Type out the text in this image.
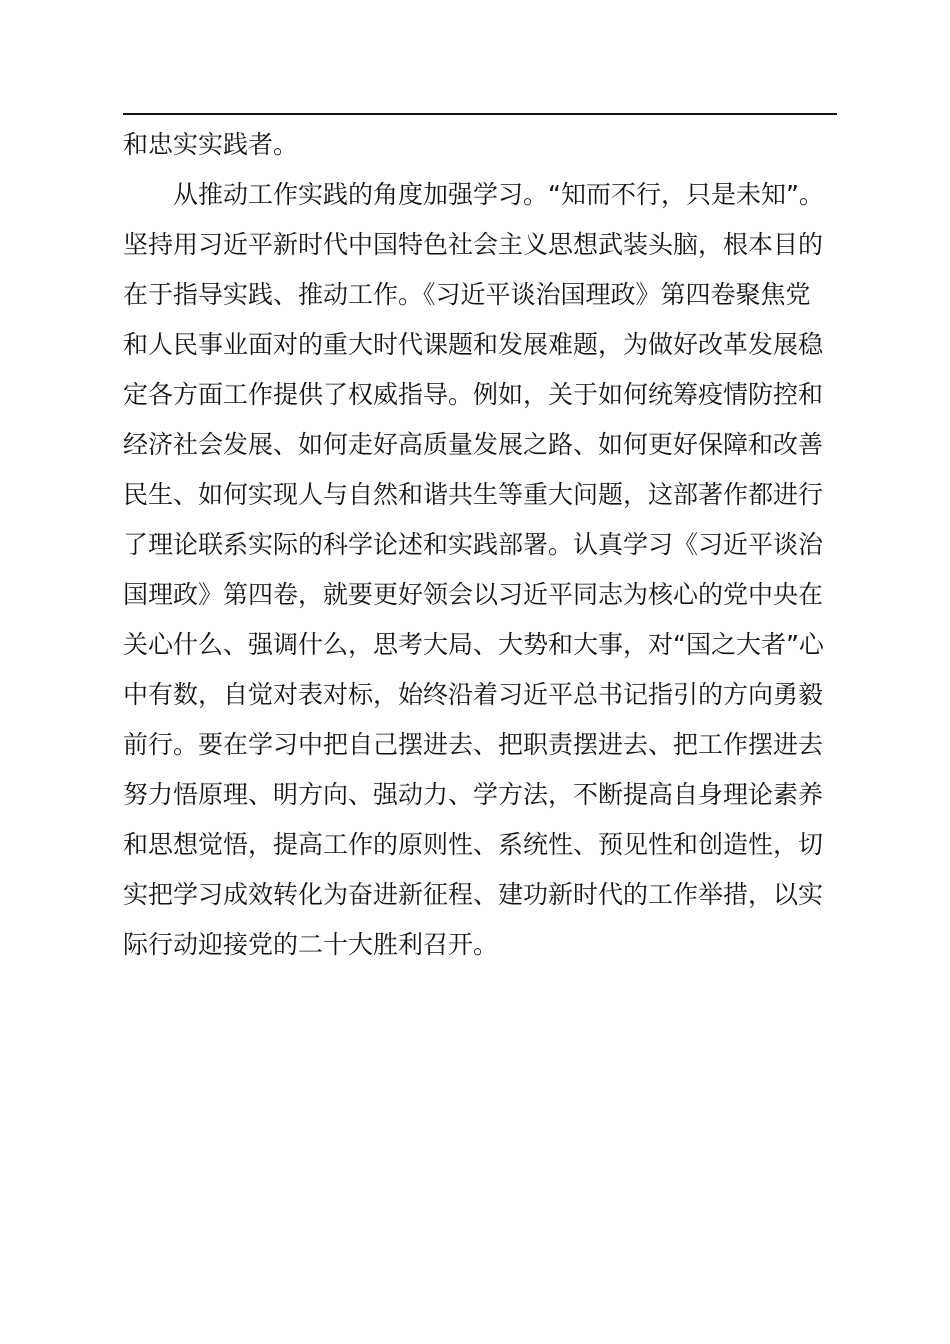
和忠实实践者。
从推动工作实践的角度加强学习。“知而不行，只是未知”。
坚持用习近平新时代中国特色社会主义思想武装头脑，根本目的
在于指导实践、推动工作。《习近平谈治国理政》第四卷聚焦党
和人民事业面对的重大时代课题和发展难题，为做好改革发展稳
定各方面工作提供了权威指导。例如，关于如何统筹疫情防控和
经济社会发展、如何走好高质量发展之路、如何更好保障和改善
民生、如何实现人与自然和谐共生等重大问题，这部著作都进行
了理论联系实际的科学论述和实践部署。认真学习《习近平谈治
国理政》第四卷，就要更好领会以习近平同志为核心的党中央在
关心什么、强调什么，思考大局、大势和大事，对“国之大者”心
中有数，自觉对表对标，始终沿着习近平总书记指引的方向勇毅
前行。要在学习中把自己摆进去、把职责摆进去、把工作摆进去
努力悟原理、明方向、强动力、学方法，不断提高自身理论素养
和思想觉悟，提高工作的原则性、系统性、预见性和创造性，切
实把学习成效转化为奋进新征程、建功新时代的工作举措，以实
际行动迎接党的二十大胜利召开。
